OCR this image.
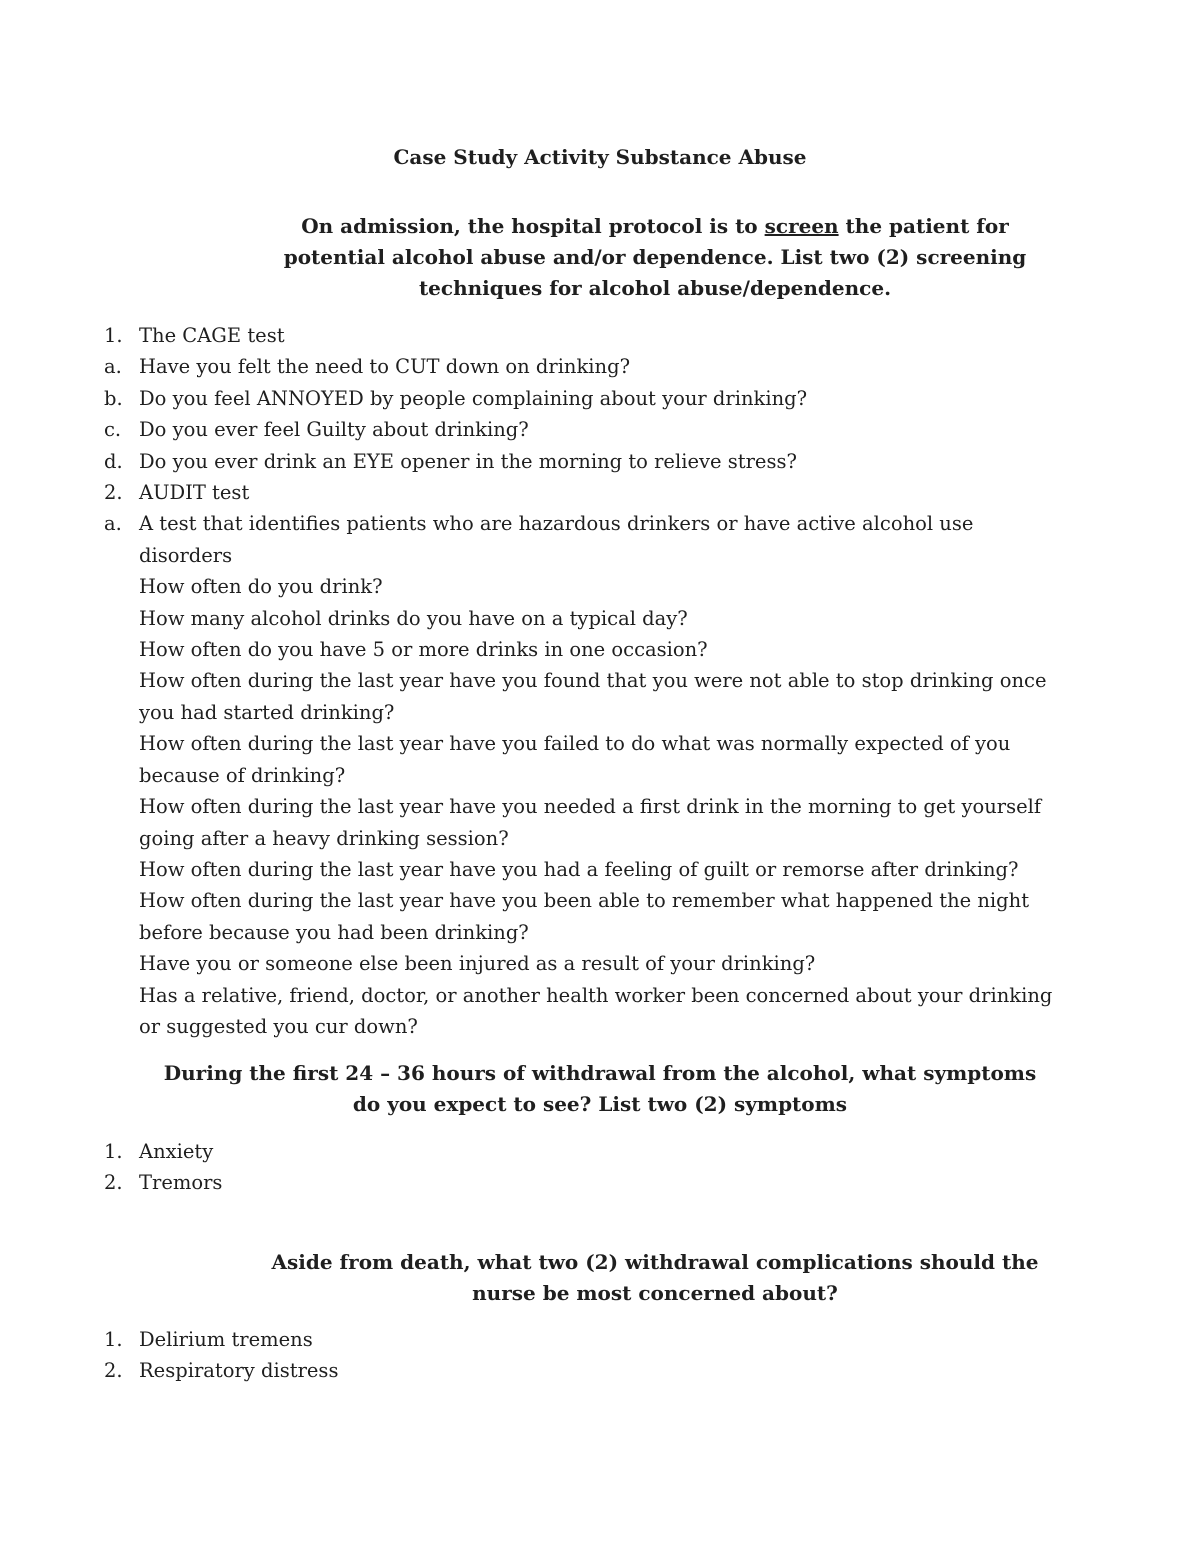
Case Study Activity Substance Abuse

On admission, the hospital protocol is to screen the patient for potential alcohol abuse and/or dependence. List two (2) screening techniques for alcohol abuse/dependence.

1. The CAGE test
a. Have you felt the need to CUT down on drinking?
b. Do you feel ANNOYED by people complaining about your drinking?
c. Do you ever feel Guilty about drinking?
d. Do you ever drink an EYE opener in the morning to relieve stress?
2. AUDIT test
a. A test that identifies patients who are hazardous drinkers or have active alcohol use disorders
How often do you drink?
How many alcohol drinks do you have on a typical day?
How often do you have 5 or more drinks in one occasion?
How often during the last year have you found that you were not able to stop drinking once you had started drinking?
How often during the last year have you failed to do what was normally expected of you because of drinking?
How often during the last year have you needed a first drink in the morning to get yourself going after a heavy drinking session?
How often during the last year have you had a feeling of guilt or remorse after drinking?
How often during the last year have you been able to remember what happened the night before because you had been drinking?
Have you or someone else been injured as a result of your drinking?
Has a relative, friend, doctor, or another health worker been concerned about your drinking or suggested you cur down?

During the first 24 – 36 hours of withdrawal from the alcohol, what symptoms do you expect to see? List two (2) symptoms

1. Anxiety
2. Tremors

Aside from death, what two (2) withdrawal complications should the nurse be most concerned about?

1. Delirium tremens
2. Respiratory distress
